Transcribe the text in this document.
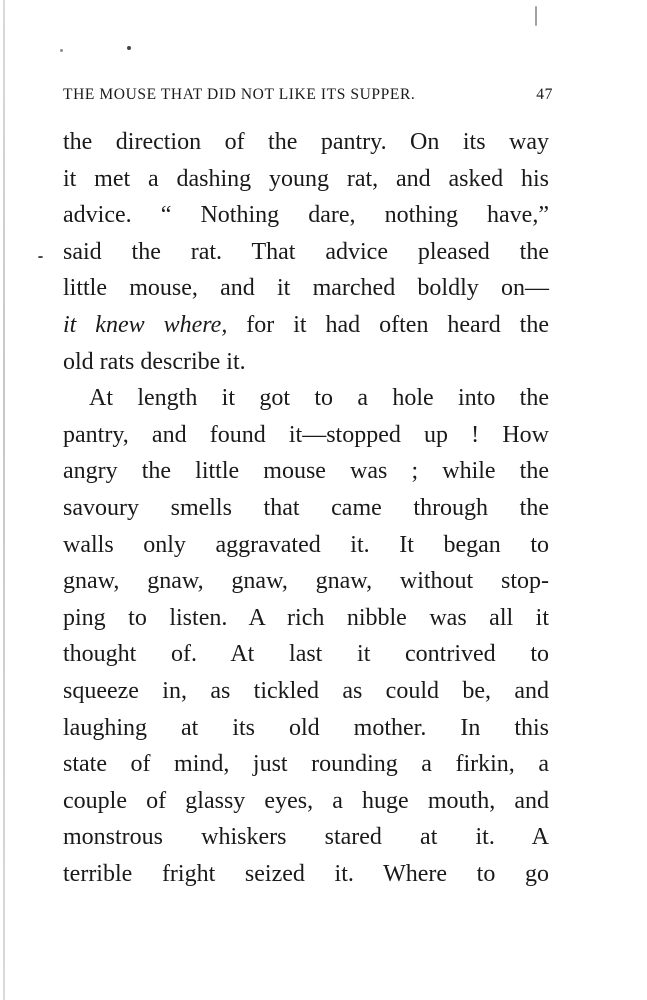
THE MOUSE THAT DID NOT LIKE ITS SUPPER.	47
the direction of the pantry. On its way
it met a dashing young rat, and asked his
advice. “ Nothing dare, nothing have,”
said the rat. That advice pleased the
little mouse, and it marched boldly on—
it knew where, for it had often heard the
old rats describe it.
At length it got to a hole into the
pantry, and found it—stopped up ! How
angry the little mouse was ; while the
savoury smells that came through the
walls only aggravated it. It began to
gnaw, gnaw, gnaw, gnaw, without stop-
ping to listen. A rich nibble was all it
thought of. At last it contrived to
squeeze in, as tickled as could be, and
laughing at its old mother. In this
state of mind, just rounding a firkin, a
couple of glassy eyes, a huge mouth, and
monstrous whiskers stared at it. A
terrible fright seized it. Where to go
